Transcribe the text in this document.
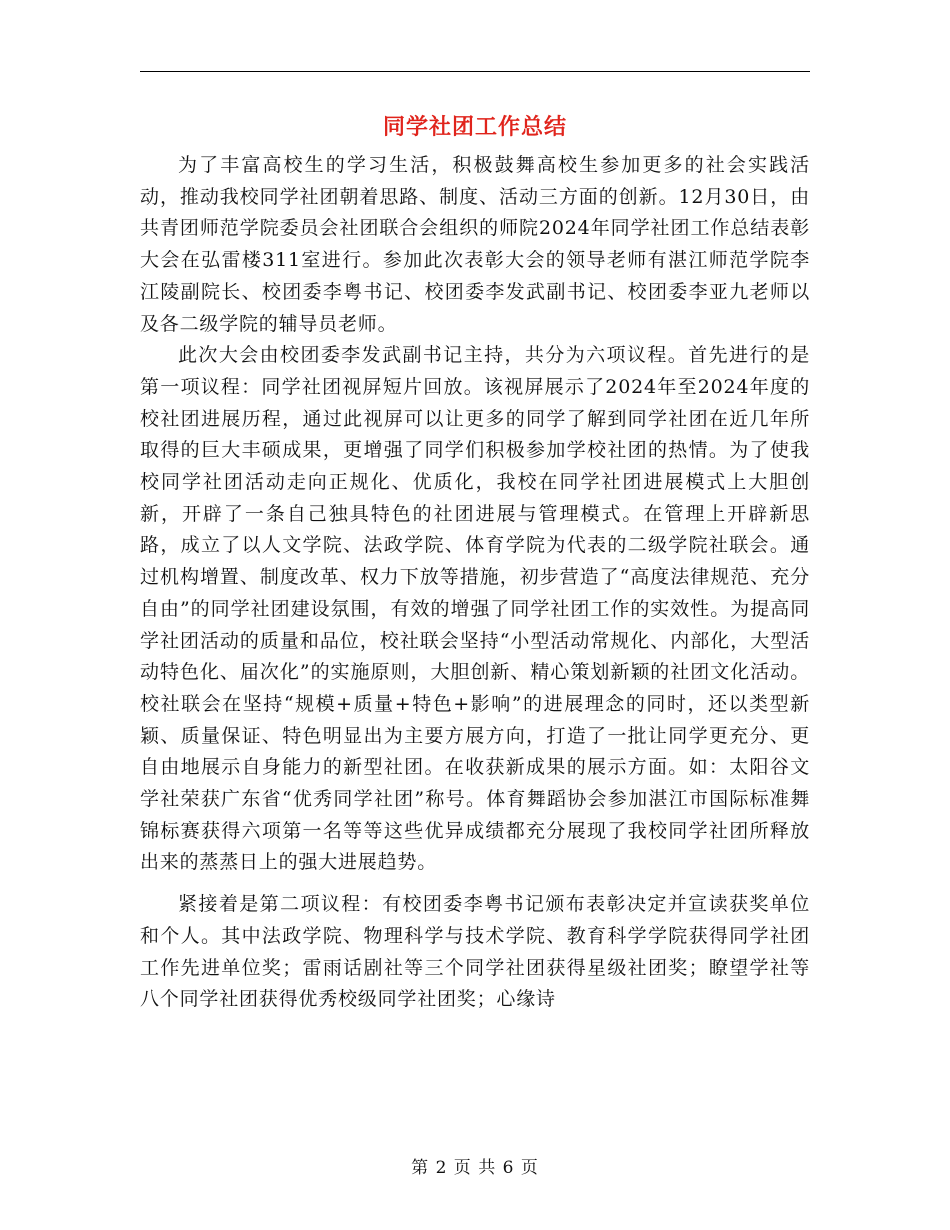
同学社团工作总结

为了丰富高校生的学习生活，积极鼓舞高校生参加更多的社会实践活动，推动我校同学社团朝着思路、制度、活动三方面的创新。12月30日，由共青团师范学院委员会社团联合会组织的师院2024年同学社团工作总结表彰大会在弘雷楼311室进行。参加此次表彰大会的领导老师有湛江师范学院李江陵副院长、校团委李粤书记、校团委李发武副书记、校团委李亚九老师以及各二级学院的辅导员老师。

此次大会由校团委李发武副书记主持，共分为六项议程。首先进行的是第一项议程：同学社团视屏短片回放。该视屏展示了2024年至2024年度的校社团进展历程，通过此视屏可以让更多的同学了解到同学社团在近几年所取得的巨大丰硕成果，更增强了同学们积极参加学校社团的热情。为了使我校同学社团活动走向正规化、优质化，我校在同学社团进展模式上大胆创新，开辟了一条自己独具特色的社团进展与管理模式。在管理上开辟新思路，成立了以人文学院、法政学院、体育学院为代表的二级学院社联会。通过机构增置、制度改革、权力下放等措施，初步营造了“高度法律规范、充分自由”的同学社团建设氛围，有效的增强了同学社团工作的实效性。为提高同学社团活动的质量和品位，校社联会坚持“小型活动常规化、内部化，大型活动特色化、届次化”的实施原则，大胆创新、精心策划新颖的社团文化活动。校社联会在坚持“规模+质量+特色+影响”的进展理念的同时，还以类型新颖、质量保证、特色明显出为主要方展方向，打造了一批让同学更充分、更自由地展示自身能力的新型社团。在收获新成果的展示方面。如：太阳谷文学社荣获广东省“优秀同学社团”称号。体育舞蹈协会参加湛江市国际标准舞锦标赛获得六项第一名等等这些优异成绩都充分展现了我校同学社团所释放出来的蒸蒸日上的强大进展趋势。

紧接着是第二项议程：有校团委李粤书记颁布表彰决定并宣读获奖单位和个人。其中法政学院、物理科学与技术学院、教育科学学院获得同学社团工作先进单位奖；雷雨话剧社等三个同学社团获得星级社团奖；瞭望学社等八个同学社团获得优秀校级同学社团奖；心缘诗

第 2 页 共 6 页
